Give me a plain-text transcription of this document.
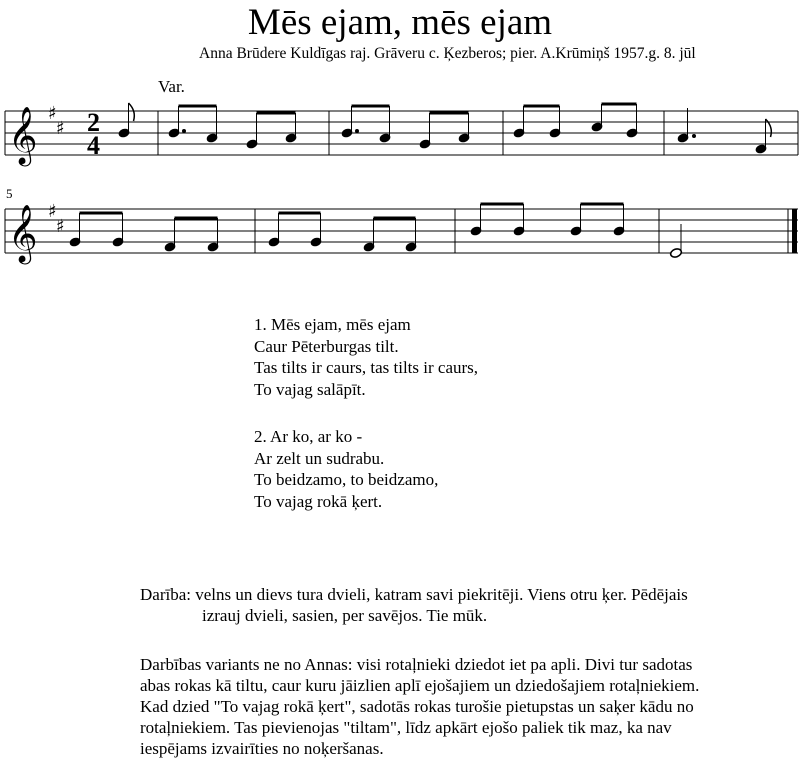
Mēs ejam, mēs ejam
Anna Brūdere Kuldīgas raj. Grāveru c. Ķezberos; pier. A.Krūmiņš 1957.g. 8. jūl
Var.
5
𝄞 ♯
♯ 2
4
𝄞 ♯
♯
1. Mēs ejam, mēs ejam
Caur Pēterburgas tilt.
Tas tilts ir caurs, tas tilts ir caurs,
To vajag salāpīt.
2. Ar ko, ar ko -
Ar zelt un sudrabu.
To beidzamo, to beidzamo,
To vajag rokā ķert.
Darība: velns un dievs tura dvieli, katram savi piekritēji. Viens otru ķer. Pēdējais
izrauj dvieli, sasien, per savējos. Tie mūk.
Darbības variants ne no Annas: visi rotaļnieki dziedot iet pa apli. Divi tur sadotas
abas rokas kā tiltu, caur kuru jāizlien aplī ejošajiem un dziedošajiem rotaļniekiem.
Kad dzied "To vajag rokā ķert", sadotās rokas turošie pietupstas un saķer kādu no
rotaļniekiem. Tas pievienojas "tiltam", līdz apkārt ejošo paliek tik maz, ka nav
iespējams izvairīties no noķeršanas.
